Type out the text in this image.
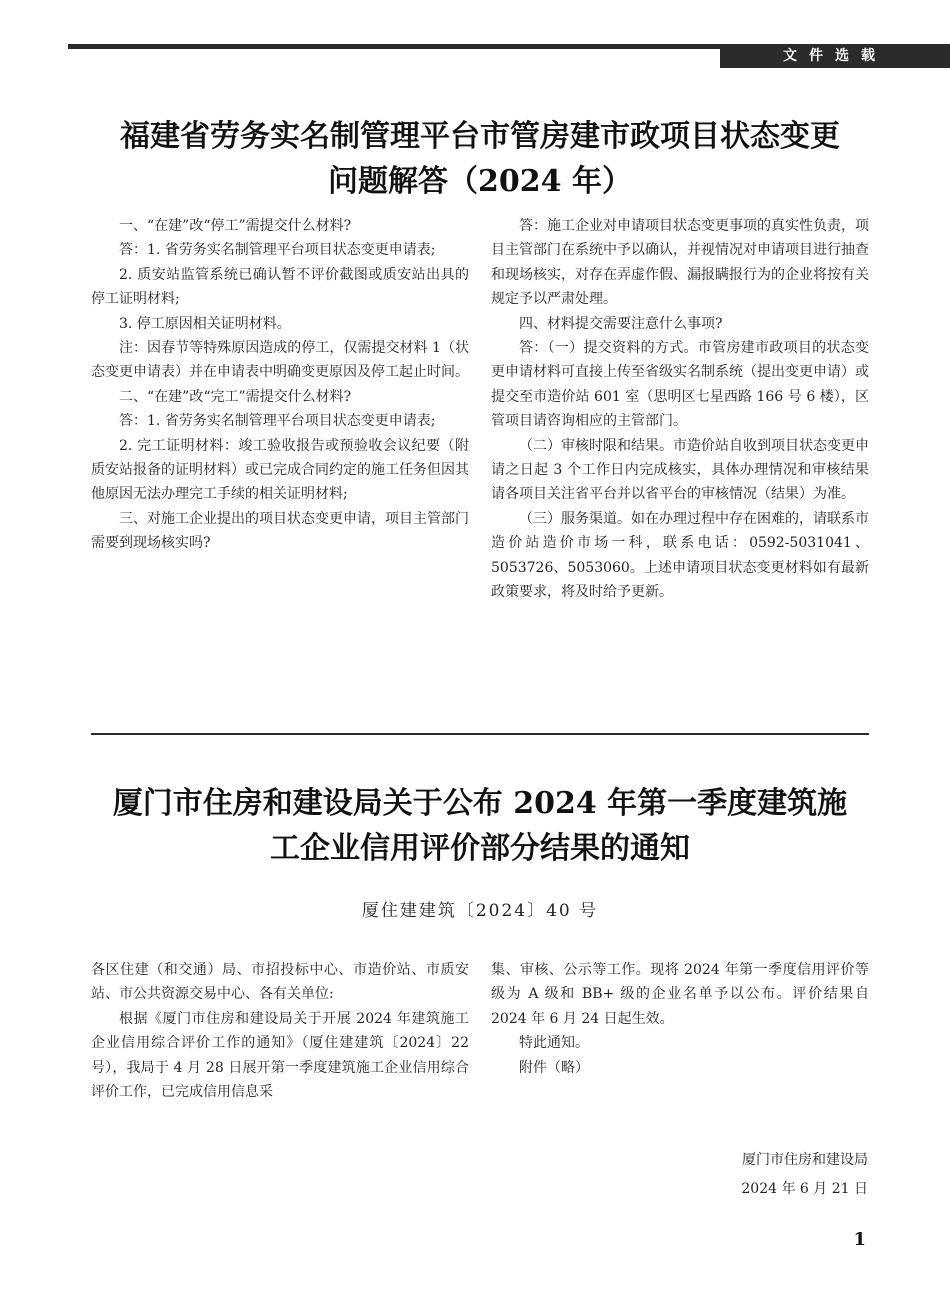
文件选载
福建省劳务实名制管理平台市管房建市政项目状态变更
问题解答（2024 年）

一、“在建”改“停工”需提交什么材料?

答：1. 省劳务实名制管理平台项目状态变更申请表;

2. 质安站监管系统已确认暂不评价截图或质安站出具的停工证明材料;

3. 停工原因相关证明材料。

注：因春节等特殊原因造成的停工，仅需提交材料 1（状态变更申请表）并在申请表中明确变更原因及停工起止时间。

二、“在建”改“完工”需提交什么材料?

答：1. 省劳务实名制管理平台项目状态变更申请表;

2. 完工证明材料：竣工验收报告或预验收会议纪要（附质安站报备的证明材料）或已完成合同约定的施工任务但因其他原因无法办理完工手续的相关证明材料;

三、对施工企业提出的项目状态变更申请，项目主管部门需要到现场核实吗?

答：施工企业对申请项目状态变更事项的真实性负责，项目主管部门在系统中予以确认，并视情况对申请项目进行抽查和现场核实，对存在弄虚作假、漏报瞒报行为的企业将按有关规定予以严肃处理。

四、材料提交需要注意什么事项?

答：（一）提交资料的方式。市管房建市政项目的状态变更申请材料可直接上传至省级实名制系统（提出变更申请）或提交至市造价站 601 室（思明区七星西路 166 号 6 楼），区管项目请咨询相应的主管部门。

（二）审核时限和结果。市造价站自收到项目状态变更申请之日起 3 个工作日内完成核实，具体办理情况和审核结果请各项目关注省平台并以省平台的审核情况（结果）为准。

（三）服务渠道。如在办理过程中存在困难的，请联系市造价站造价市场一科，联系电话：0592-5031041、5053726、5053060。上述申请项目状态变更材料如有最新政策要求，将及时给予更新。

厦门市住房和建设局关于公布 2024 年第一季度建筑施
工企业信用评价部分结果的通知
厦住建建筑〔2024〕40 号

各区住建（和交通）局、市招投标中心、市造价站、市质安站、市公共资源交易中心、各有关单位:

根据《厦门市住房和建设局关于开展 2024 年建筑施工企业信用综合评价工作的通知》（厦住建建筑〔2024〕22 号），我局于 4 月 28 日展开第一季度建筑施工企业信用综合评价工作，已完成信用信息采

集、审核、公示等工作。现将 2024 年第一季度信用评价等级为 A 级和 BB+ 级的企业名单予以公布。评价结果自 2024 年 6 月 24 日起生效。

特此通知。

附件（略）

厦门市住房和建设局
2024 年 6 月 21 日
1
